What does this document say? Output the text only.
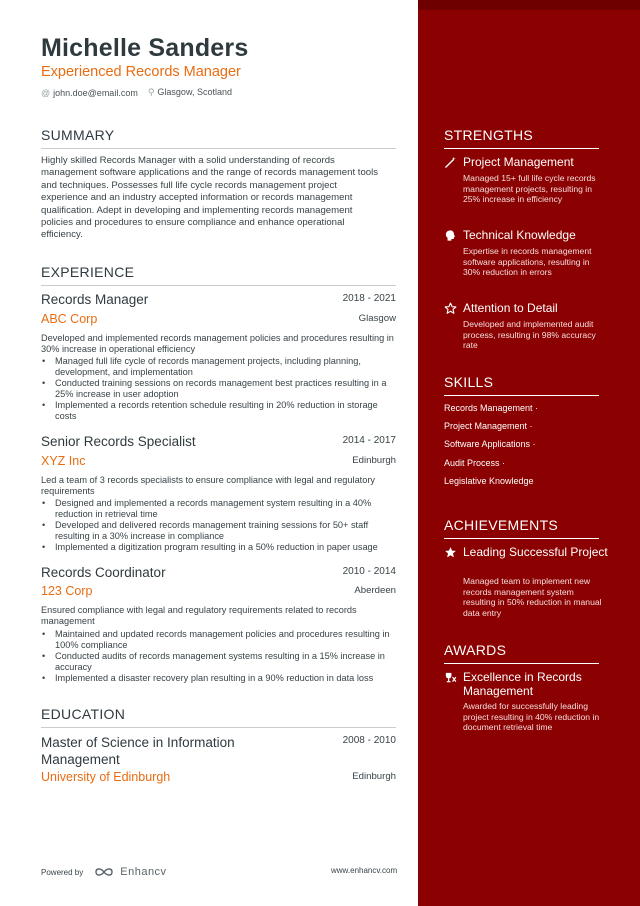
Michelle Sanders
Experienced Records Manager
@ john.doe@email.com ⚲ Glasgow, Scotland
SUMMARY
Highly skilled Records Manager with a solid understanding of records management software applications and the range of records management tools and techniques. Possesses full life cycle records management project experience and an industry accepted information or records management qualification. Adept in developing and implementing records management policies and procedures to ensure compliance and enhance operational efficiency.
EXPERIENCE
Records Manager	2018 - 2021
ABC Corp	Glasgow
Developed and implemented records management policies and procedures resulting in 30% increase in operational efficiency
• Managed full life cycle of records management projects, including planning, development, and implementation
• Conducted training sessions on records management best practices resulting in a 25% increase in user adoption
• Implemented a records retention schedule resulting in 20% reduction in storage costs
Senior Records Specialist	2014 - 2017
XYZ Inc	Edinburgh
Led a team of 3 records specialists to ensure compliance with legal and regulatory requirements
• Designed and implemented a records management system resulting in a 40% reduction in retrieval time
• Developed and delivered records management training sessions for 50+ staff resulting in a 30% increase in compliance
• Implemented a digitization program resulting in a 50% reduction in paper usage
Records Coordinator	2010 - 2014
123 Corp	Aberdeen
Ensured compliance with legal and regulatory requirements related to records management
• Maintained and updated records management policies and procedures resulting in 100% compliance
• Conducted audits of records management systems resulting in a 15% increase in accuracy
• Implemented a disaster recovery plan resulting in a 90% reduction in data loss
EDUCATION
Master of Science in Information Management
2008 - 2010
University of Edinburgh	Edinburgh
Powered by	Enhancv	www.enhancv.com
STRENGTHS
Project Management
Managed 15+ full life cycle records management projects, resulting in 25% increase in efficiency
Technical Knowledge
Expertise in records management software applications, resulting in 30% reduction in errors
Attention to Detail
Developed and implemented audit process, resulting in 98% accuracy rate
SKILLS
Records Management ·
Project Management ·
Software Applications ·
Audit Process ·
Legislative Knowledge
ACHIEVEMENTS
Leading Successful Project
Managed team to implement new records management system resulting in 50% reduction in manual data entry
AWARDS
Excellence in Records Management
Awarded for successfully leading project resulting in 40% reduction in document retrieval time
